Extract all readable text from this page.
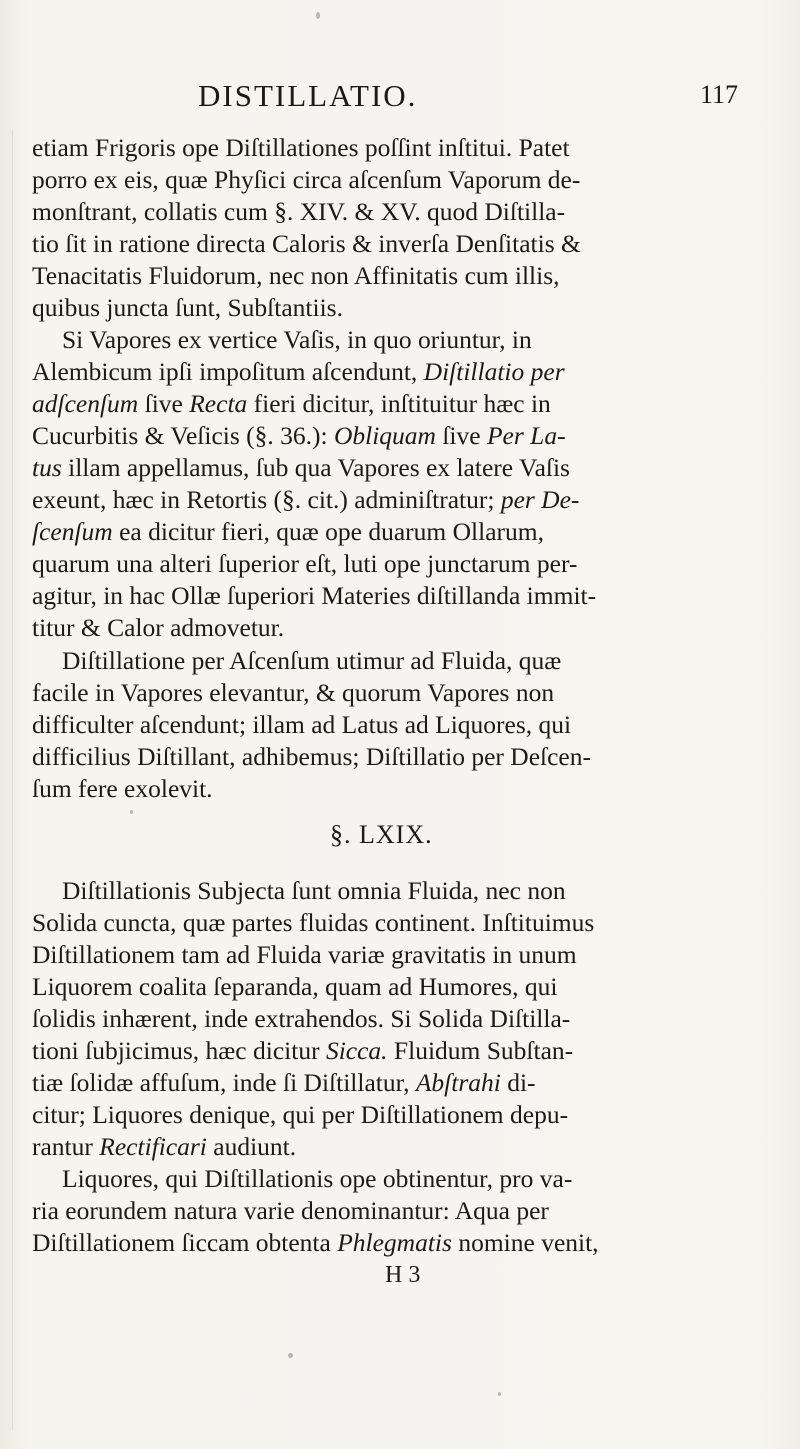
DISTILLATIO.	117
etiam Frigoris ope Diſtillationes poſſint inſtitui. Patet
porro ex eis, quæ Phyſici circa aſcenſum Vaporum de-
monſtrant, collatis cum §. XIV. & XV. quod Diſtilla-
tio ſit in ratione directa Caloris & inverſa Denſitatis &
Tenacitatis Fluidorum, nec non Affinitatis cum illis,
quibus juncta ſunt, Subſtantiis.
Si Vapores ex vertice Vaſis, in quo oriuntur, in
Alembicum ipſi impoſitum aſcendunt, Diſtillatio per
adſcenſum ſive Recta fieri dicitur, inſtituitur hæc in
Cucurbitis & Veſicis (§. 36.): Obliquam ſive Per La-
tus illam appellamus, ſub qua Vapores ex latere Vaſis
exeunt, hæc in Retortis (§. cit.) adminiſtratur; per De-
ſcenſum ea dicitur fieri, quæ ope duarum Ollarum,
quarum una alteri ſuperior eſt, luti ope junctarum per-
agitur, in hac Ollæ ſuperiori Materies diſtillanda immit-
titur & Calor admovetur.
Diſtillatione per Aſcenſum utimur ad Fluida, quæ
facile in Vapores elevantur, & quorum Vapores non
difficulter aſcendunt; illam ad Latus ad Liquores, qui
difficilius Diſtillant, adhibemus; Diſtillatio per Deſcen-
ſum fere exolevit.
§. LXIX.
Diſtillationis Subjecta ſunt omnia Fluida, nec non
Solida cuncta, quæ partes fluidas continent. Inſtituimus
Diſtillationem tam ad Fluida variæ gravitatis in unum
Liquorem coalita ſeparanda, quam ad Humores, qui
ſolidis inhærent, inde extrahendos. Si Solida Diſtilla-
tioni ſubjicimus, hæc dicitur Sicca. Fluidum Subſtan-
tiæ ſolidæ affuſum, inde ſi Diſtillatur, Abſtrahi di-
citur; Liquores denique, qui per Diſtillationem depu-
rantur Rectificari audiunt.
Liquores, qui Diſtillationis ope obtinentur, pro va-
ria eorundem natura varie denominantur: Aqua per
Diſtillationem ſiccam obtenta Phlegmatis nomine venit,
H 3
